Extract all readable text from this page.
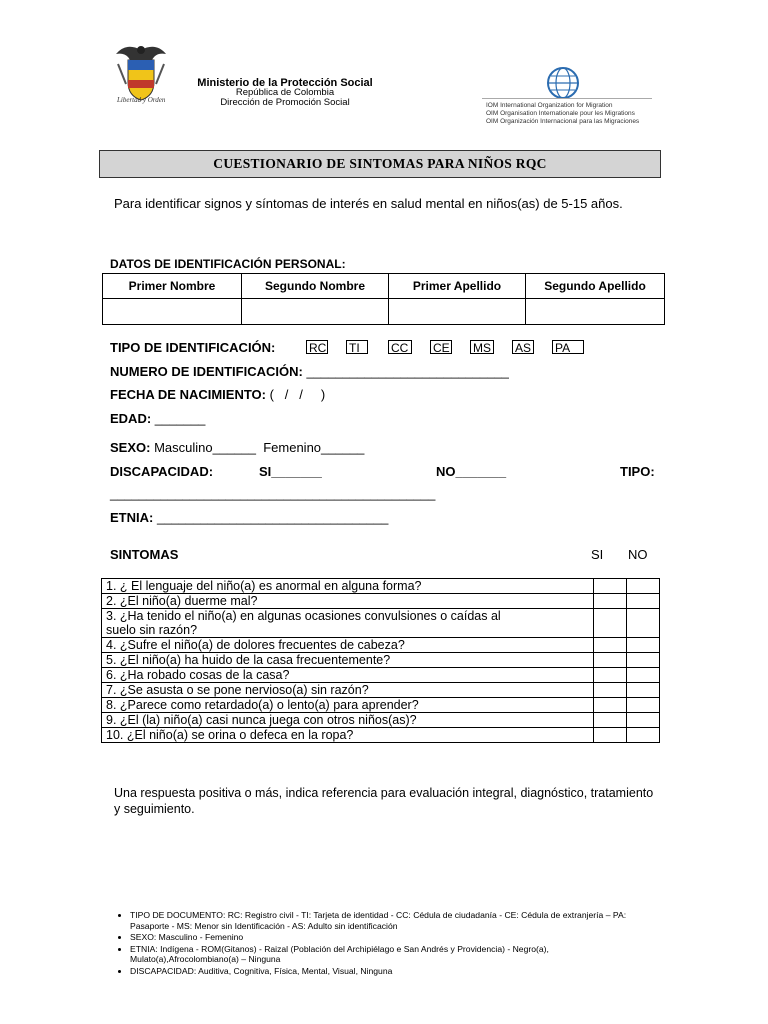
Libertad y Orden
Ministerio de la Protección Social
República de Colombia
Dirección de Promoción Social	IOM International Organization for Migration
OIM Organisation Internationale pour les Migrations
OIM Organización Internacional para las Migraciones
CUESTIONARIO DE SINTOMAS PARA NIÑOS RQC
Para identificar signos y síntomas de interés en salud mental en niños(as) de 5-15 años.
DATOS DE IDENTIFICACIÓN PERSONAL:
Primer Nombre	Segundo Nombre	Primer Apellido	Segundo Apellido

TIPO DE IDENTIFICACIÓN:	RC TI	CC	CE MS AS PA
NUMERO DE IDENTIFICACIÓN: ____________________________
FECHA DE NACIMIENTO: (   /   /     )
EDAD: _______
SEXO: Masculino______  Femenino______
DISCAPACIDAD:	SI_______	NO_______	TIPO:
_____________________________________________
ETNIA: ________________________________
SINTOMAS	SI NO
1. ¿ El lenguaje del niño(a) es anormal en alguna forma?		
2. ¿El niño(a) duerme mal?		
3. ¿Ha tenido el niño(a) en algunas ocasiones convulsiones o caídas al suelo sin razón?		
4. ¿Sufre el niño(a) de dolores frecuentes de cabeza?		
5. ¿El niño(a) ha huido de la casa frecuentemente?		
6. ¿Ha robado cosas de la casa?		
7. ¿Se asusta o se pone nervioso(a) sin razón?		
8. ¿Parece como retardado(a) o lento(a) para aprender?		
9. ¿El (la) niño(a) casi nunca juega con otros niños(as)?		
10. ¿El niño(a) se orina o defeca en la ropa?		
Una respuesta positiva o más, indica referencia para evaluación integral, diagnóstico, tratamiento y seguimiento.
• TIPO DE DOCUMENTO: RC: Registro civil - TI: Tarjeta de identidad - CC: Cédula de ciudadanía - CE: Cédula de extranjería – PA: Pasaporte - MS: Menor sin Identificación - AS: Adulto sin identificación
• SEXO: Masculino - Femenino
• ETNIA: Indígena - ROM(Gitanos) - Raizal (Población del Archipiélago e San Andrés y Providencia) - Negro(a), Mulato(a),Afrocolombiano(a) – Ninguna
• DISCAPACIDAD: Auditiva, Cognitiva, Física, Mental, Visual, Ninguna
